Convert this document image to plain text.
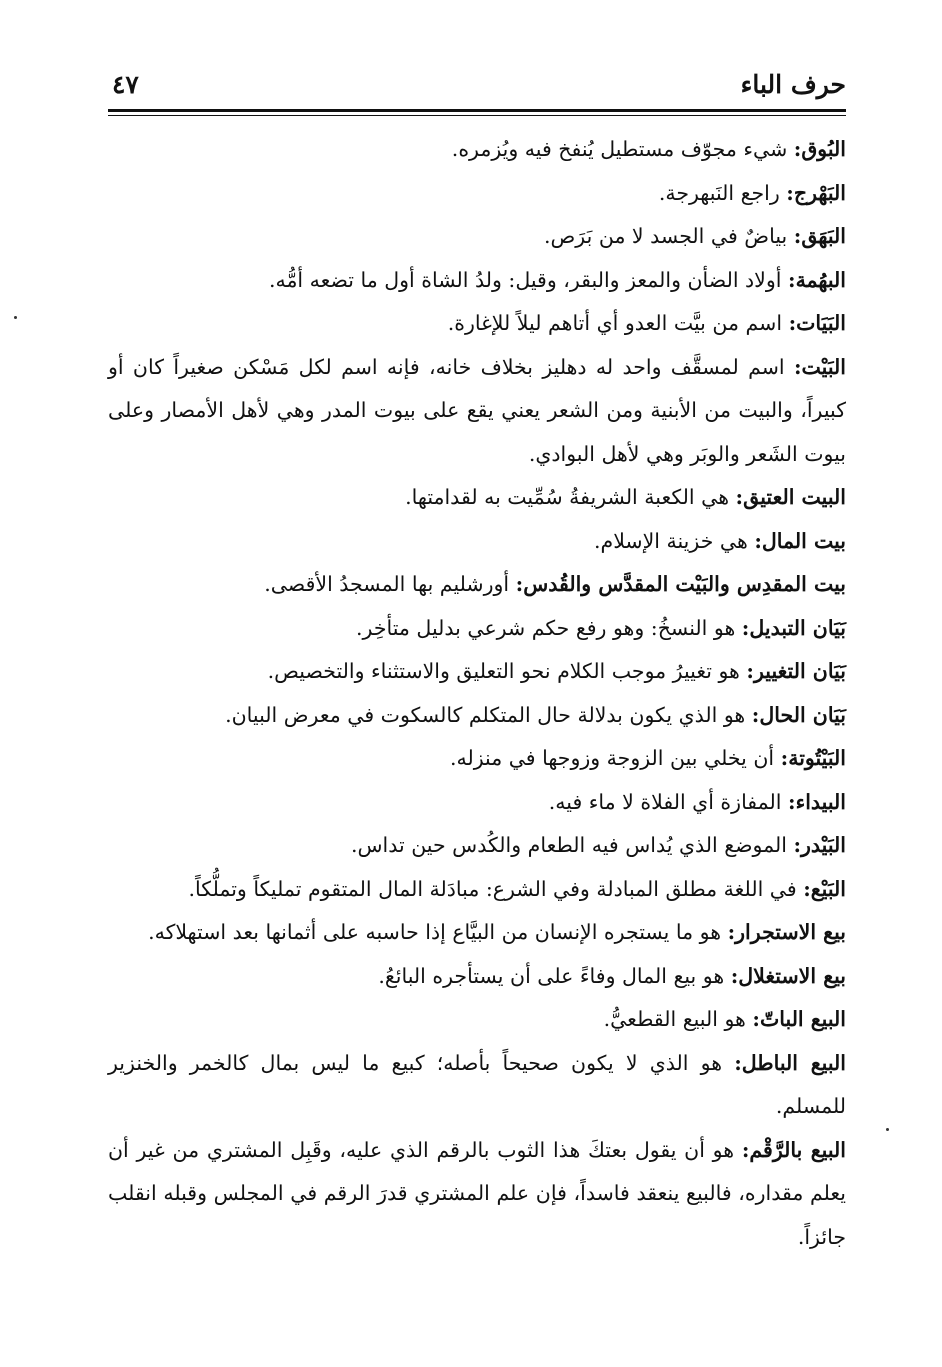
حرف الباء
٤٧

البُوق: شيء مجوّف مستطيل يُنفخ فيه ويُزمره.

البَهْرج: راجع النَبهرجة.

البَهَق: بياضٌ في الجسد لا من بَرَص.

البهُمة: أولاد الضأن والمعز والبقر، وقيل: ولدُ الشاة أول ما تضعه أمُّه.

البَيَات: اسم من بيَّت العدو أي أتاهم ليلاً للإغارة.

البَيْت: اسم لمسقَّف واحد له دهليز بخلاف خانه، فإنه اسم لكل مَسْكن صغيراً كان أو كبيراً، والبيت من الأبنية ومن الشعر يعني يقع على بيوت المدر وهي لأهل الأمصار وعلى بيوت الشَعر والوبَر وهي لأهل البوادي.

البيت العتيق: هي الكعبة الشريفةُ سُمِّيت به لقدامتها.

بيت المال: هي خزينة الإسلام.

بيت المقدِس والبَيْت المقدَّس والقُدس: أورشليم بها المسجدُ الأقصى.

بَيَان التبديل: هو النسخُ: وهو رفع حكم شرعي بدليل متأخِر.

بَيَان التغيير: هو تغييرُ موجب الكلام نحو التعليق والاستثناء والتخصيص.

بَيَان الحال: هو الذي يكون بدلالة حال المتكلم كالسكوت في معرض البيان.

البَيْتُوتة: أن يخلي بين الزوجة وزوجها في منزله.

البيداء: المفازة أي الفلاة لا ماء فيه.

البَيْدر: الموضع الذي يُداس فيه الطعام والكُدس حين تداس.

البَيْع: في اللغة مطلق المبادلة وفي الشرع: مبادَلة المال المتقوم تمليكاً وتملُّكاً.

بيع الاستجرار: هو ما يستجره الإنسان من البيَّاع إذا حاسبه على أثمانها بعد استهلاكه.

بيع الاستغلال: هو بيع المال وفاءً على أن يستأجره البائعُ.

البيع الباتّ: هو البيع القطعيُّ.

البيع الباطل: هو الذي لا يكون صحيحاً بأصله؛ كبيع ما ليس بمال كالخمر والخنزير للمسلم.

البيع بالرَّقْم: هو أن يقول بعتكَ هذا الثوب بالرقم الذي عليه، وقَبِل المشتري من غير أن يعلم مقداره، فالبيع ينعقد فاسداً، فإن علم المشتري قدرَ الرقم في المجلس وقبله انقلب جائزاً.
